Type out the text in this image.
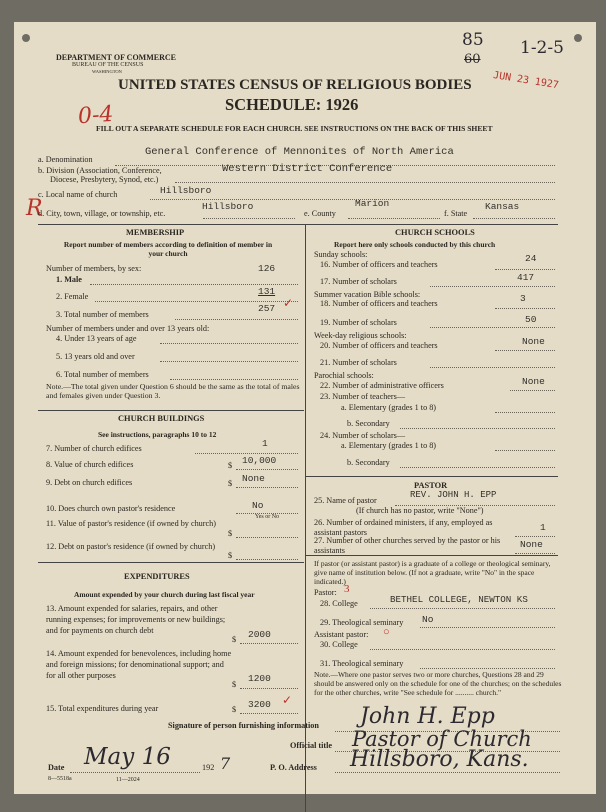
DEPARTMENT OF COMMERCE
BUREAU OF THE CENSUS
WASHINGTON
UNITED STATES CENSUS OF RELIGIOUS BODIES
SCHEDULE: 1926
FILL OUT A SEPARATE SCHEDULE FOR EACH CHURCH. SEE INSTRUCTIONS ON THE BACK OF THIS SHEET
85
60
1-2-5
JUN 23 1927
0-4
R
a. Denomination
General Conference of Mennonites of North America
b. Division (Association, Conference,
Diocese, Presbytery, Synod, etc.)
Western District Conference
c. Local name of church	Hillsboro
d. City, town, village, or township, etc.
Hillsboro
e. County
Marion
f. State
Kansas
MEMBERSHIP
Report number of members according to definition of member in your church
Number of members, by sex:
1. Male
126
2. Female	131
3. Total number of members
257 ✓
Number of members under and over 13 years old:
4. Under 13 years of age
5. 13 years old and over
6. Total number of members
Note.—The total given under Question 6 should be the same as the total of males and females given under Question 3.
CHURCH BUILDINGS
See instructions, paragraphs 10 to 12
7. Number of church edifices	1
8. Value of church edifices	$ 10,000
9. Debt on church edifices	$ None
10. Does church own pastor's residence	No
Yes or No
11. Value of pastor's residence (if owned by church)
$
12. Debt on pastor's residence (if owned by church)
$
EXPENDITURES
Amount expended by your church during last fiscal year
13. Amount expended for salaries, repairs, and other running expenses; for improvements or new buildings; and for payments on church debt
$ 2000
14. Amount expended for benevolences, including home and foreign missions; for denominational support; and for all other purposes
$
1200
15. Total expenditures during year	$ 3200 ✓
CHURCH SCHOOLS
Report here only schools conducted by this church
Sunday schools:
16. Number of officers and teachers
24
17. Number of scholars	417
Summer vacation Bible schools:
18. Number of officers and teachers	3
19. Number of scholars	50
Week-day religious schools:
20. Number of officers and teachers	None
21. Number of scholars
Parochial schools:
22. Number of administrative officers	None
23. Number of teachers—
a. Elementary (grades 1 to 8)
b. Secondary
24. Number of scholars—
a. Elementary (grades 1 to 8)
b. Secondary
PASTOR
25. Name of pastor
REV. JOHN H. EPP
(If church has no pastor, write "None")
26. Number of ordained ministers, if any, employed as assistant pastors	1
27. Number of other churches served by the pastor or his assistants
None
If pastor (or assistant pastor) is a graduate of a college or theological seminary, give name of institution below. (If not a graduate, write "No" in the space indicated.)
Pastor: 3
28. College	BETHEL COLLEGE, NEWTON KS
29. Theological seminary No
Assistant pastor: ○
30. College
31. Theological seminary
Note.—Where one pastor serves two or more churches, Questions 28 and 29 should be answered only on the schedule for one of the churches; on the schedules for the other churches, write "See schedule for .......... church."
Signature of person furnishing information John H. Epp
Official title Pastor of Church
Date May 16	192 7	P. O. Address Hillsboro, Kans.
8—5518a	11—2024
